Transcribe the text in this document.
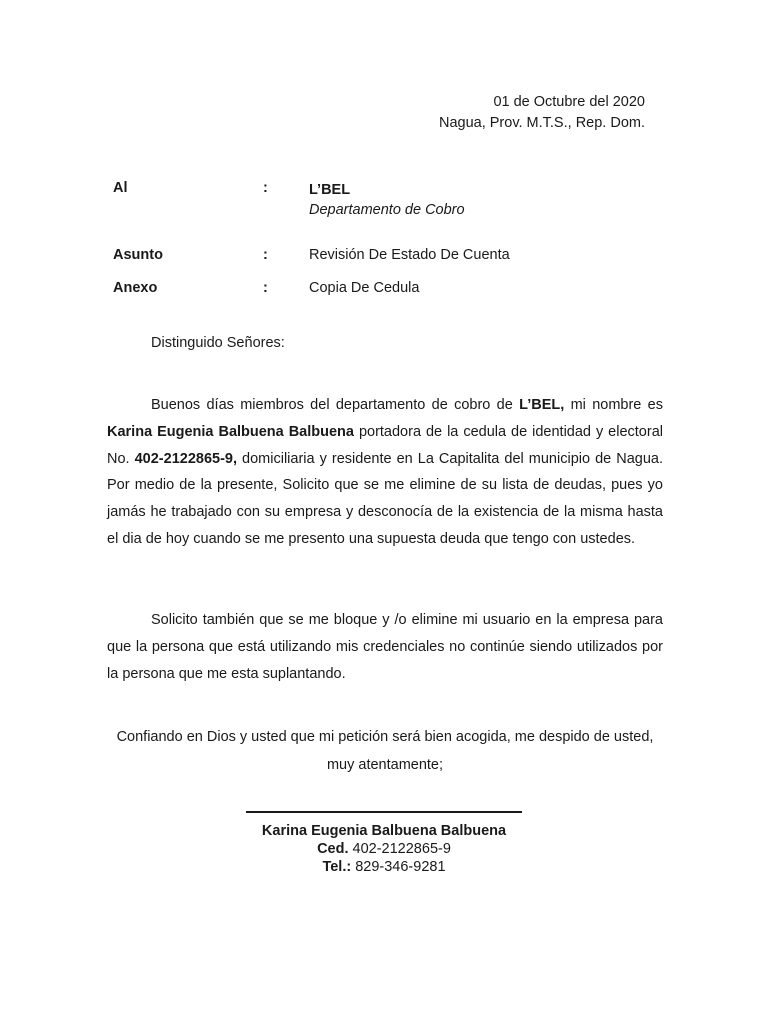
01 de Octubre del 2020
Nagua, Prov. M.T.S., Rep. Dom.
Al	:	L’BEL
Departamento de Cobro
Asunto	:	Revisión De Estado De Cuenta
Anexo	:	Copia De Cedula
Distinguido Señores:

Buenos días miembros del departamento de cobro de L’BEL, mi nombre es Karina Eugenia Balbuena Balbuena portadora de la cedula de identidad y electoral No. 402-2122865-9, domiciliaria y residente en La Capitalita del municipio de Nagua. Por medio de la presente, Solicito que se me elimine de su lista de deudas, pues yo jamás he trabajado con su empresa y desconocía de la existencia de la misma hasta el dia de hoy cuando se me presento una supuesta deuda que tengo con ustedes.

Solicito también que se me bloque y /o elimine mi usuario en la empresa para que la persona que está utilizando mis credenciales no continúe siendo utilizados por la persona que me esta suplantando.

Confiando en Dios y usted que mi petición será bien acogida, me despido de usted, muy atentamente;

Karina Eugenia Balbuena Balbuena
Ced. 402-2122865-9
Tel.: 829-346-9281
